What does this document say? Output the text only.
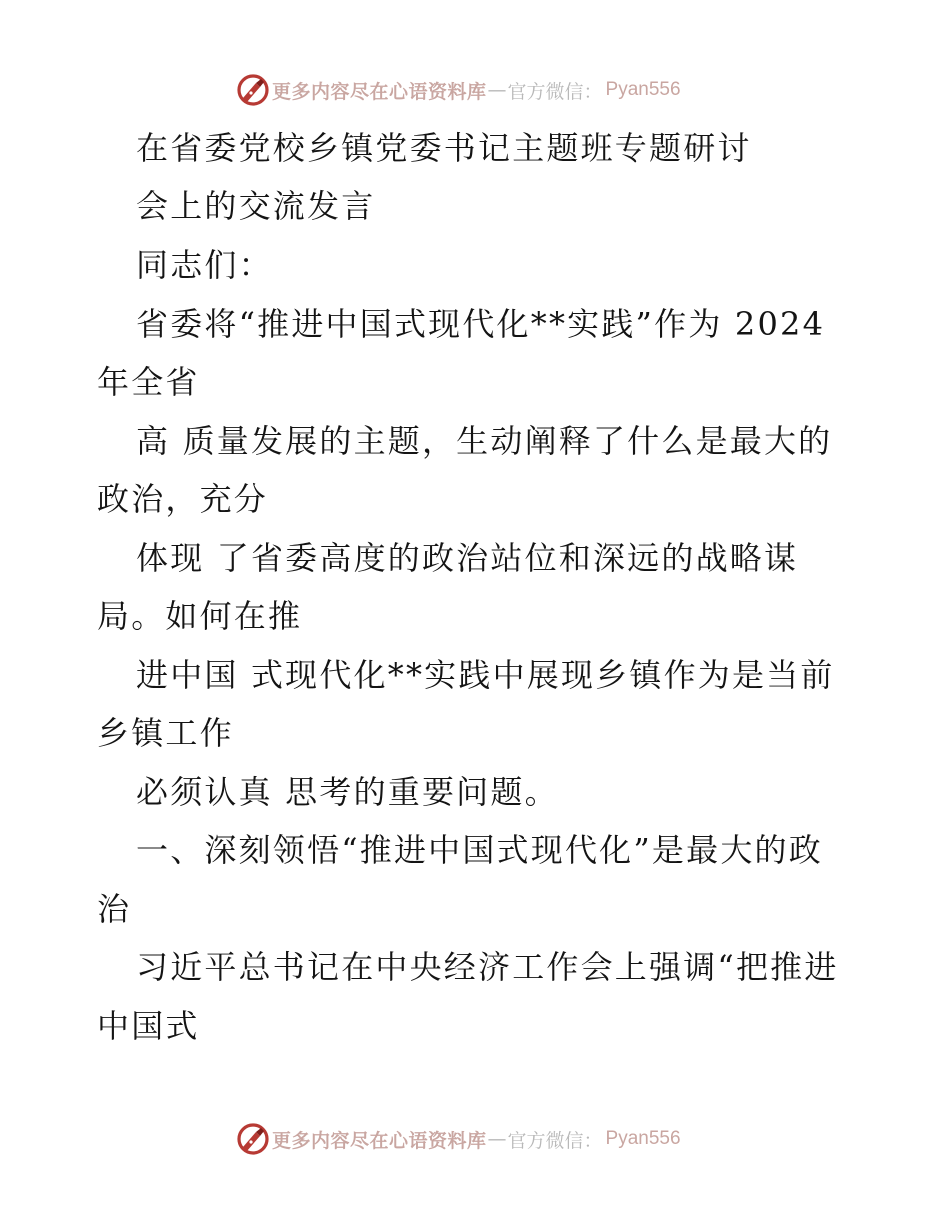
更多内容尽在心语资料库 — 官方微信： Pyan556
在省委党校乡镇党委书记主题班专题研讨
会上的交流发言
同志们：
省委将“推进中国式现代化**实践”作为 2024
年全省
高 质量发展的主题，生动阐释了什么是最大的
政治，充分
体现 了省委高度的政治站位和深远的战略谋
局。如何在推
进中国 式现代化**实践中展现乡镇作为是当前
乡镇工作
必须认真 思考的重要问题。
一、深刻领悟“推进中国式现代化”是最大的政
治
习近平总书记在中央经济工作会上强调“把推进
中国式
更多内容尽在心语资料库 — 官方微信： Pyan556
